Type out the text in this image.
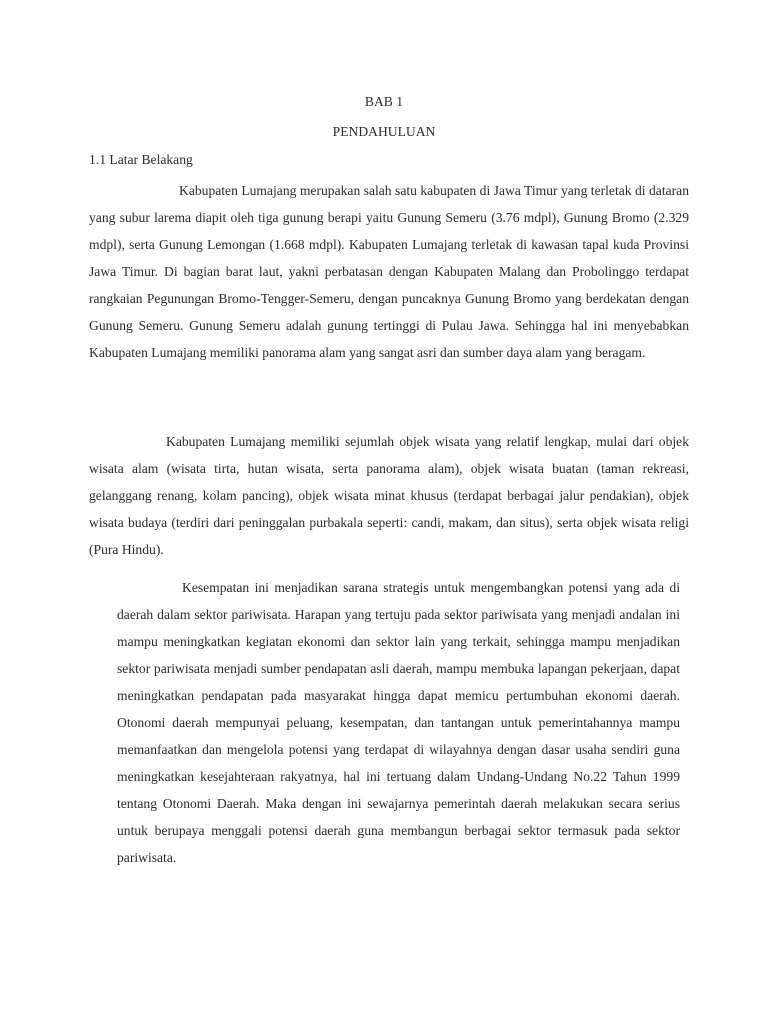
BAB 1
PENDAHULUAN
1.1 Latar Belakang

Kabupaten Lumajang merupakan salah satu kabupaten di Jawa Timur yang terletak di dataran yang subur larema diapit oleh tiga gunung berapi yaitu Gunung Semeru (3.76 mdpl), Gunung Bromo (2.329 mdpl), serta Gunung Lemongan (1.668 mdpl). Kabupaten Lumajang terletak di kawasan tapal kuda Provinsi Jawa Timur. Di bagian barat laut, yakni perbatasan dengan Kabupaten Malang dan Probolinggo terdapat rangkaian Pegunungan Bromo-Tengger-Semeru, dengan puncaknya Gunung Bromo yang berdekatan dengan Gunung Semeru. Gunung Semeru adalah gunung tertinggi di Pulau Jawa. Sehingga hal ini menyebabkan Kabupaten Lumajang memiliki panorama alam yang sangat asri dan sumber daya alam yang beragam.

Kabupaten Lumajang memiliki sejumlah objek wisata yang relatif lengkap, mulai dari objek wisata alam (wisata tirta, hutan wisata, serta panorama alam), objek wisata buatan (taman rekreasi, gelanggang renang, kolam pancing), objek wisata minat khusus (terdapat berbagai jalur pendakian), objek wisata budaya (terdiri dari peninggalan purbakala seperti: candi, makam, dan situs), serta objek wisata religi (Pura Hindu).

Kesempatan ini menjadikan sarana strategis untuk mengembangkan potensi yang ada di daerah dalam sektor pariwisata. Harapan yang tertuju pada sektor pariwisata yang menjadi andalan ini mampu meningkatkan kegiatan ekonomi dan sektor lain yang terkait, sehingga mampu menjadikan sektor pariwisata menjadi sumber pendapatan asli daerah, mampu membuka lapangan pekerjaan, dapat meningkatkan pendapatan pada masyarakat hingga dapat memicu pertumbuhan ekonomi daerah. Otonomi daerah mempunyai peluang, kesempatan, dan tantangan untuk pemerintahannya mampu memanfaatkan dan mengelola potensi yang terdapat di wilayahnya dengan dasar usaha sendiri guna meningkatkan kesejahteraan rakyatnya, hal ini tertuang dalam Undang-Undang No.22 Tahun 1999 tentang Otonomi Daerah. Maka dengan ini sewajarnya pemerintah daerah melakukan secara serius untuk berupaya menggali potensi daerah guna membangun berbagai sektor termasuk pada sektor pariwisata.
